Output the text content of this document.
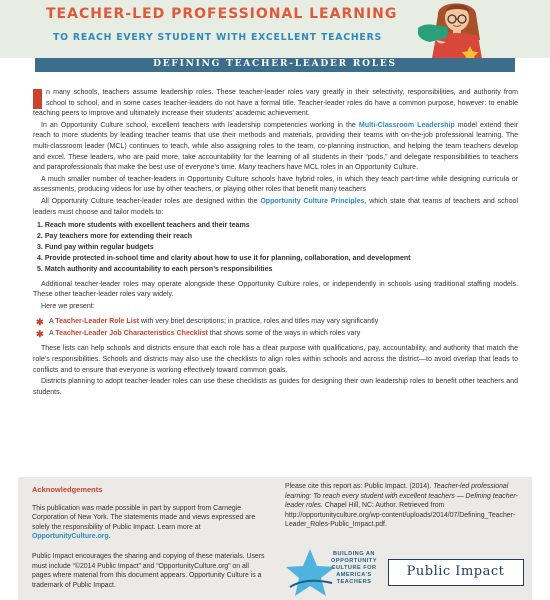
TEACHER-LED PROFESSIONAL LEARNING
TO REACH EVERY STUDENT WITH EXCELLENT TEACHERS
DEFINING TEACHER-LEADER ROLES

n many schools, teachers assume leadership roles. These teacher-leader roles vary greatly in their selectivity, responsibilities, and authority from school to school, and in some cases teacher-leaders do not have a formal title. Teacher-leader roles do have a common purpose, however: to enable teaching peers to improve and ultimately increase their students’ academic achievement.

In an Opportunity Culture school, excellent teachers with leadership competencies working in the Multi-Classroom Leadership model extend their reach to more students by leading teacher teams that use their methods and materials, providing their teams with on-the-job professional learning. The multi-classroom leader (MCL) continues to teach, while also assigning roles to the team, co-planning instruction, and helping the team teachers develop and excel. These leaders, who are paid more, take accountability for the learning of all students in their “pods,” and delegate responsibilities to teachers and paraprofessionals that make the best use of everyone’s time. Many teachers have MCL roles in an Opportunity Culture.

A much smaller number of teacher-leaders in Opportunity Culture schools have hybrid roles, in which they teach part-time while designing curricula or assessments, producing videos for use by other teachers, or playing other roles that benefit many teachers

All Opportunity Culture teacher-leader roles are designed within the Opportunity Culture Principles, which state that teams of teachers and school leaders must choose and tailor models to:

1. Reach more students with excellent teachers and their teams
2. Pay teachers more for extending their reach
3. Fund pay within regular budgets
4. Provide protected in-school time and clarity about how to use it for planning, collaboration, and development
5. Match authority and accountability to each person’s responsibilities

Additional teacher-leader roles may operate alongside these Opportunity Culture roles, or independently in schools using traditional staffing models. These other teacher-leader roles vary widely.

Here we present:

✱ A Teacher-Leader Role List with very brief descriptions; in practice, roles and titles may vary significantly
✱ A Teacher-Leader Job Characteristics Checklist that shows some of the ways in which roles vary

These lists can help schools and districts ensure that each role has a clear purpose with qualifications, pay, accountability, and authority that match the role’s responsibilities. Schools and districts may also use the checklists to align roles within schools and across the district—to avoid overlap that leads to conflicts and to ensure that everyone is working effectively toward common goals.

Districts planning to adopt teacher-leader roles can use these checklists as guides for designing their own leadership roles to benefit other teachers and students.

Acknowledgements

This publication was made possible in part by support from Carnegie Corporation of New York. The statements made and views expressed are solely the responsibility of Public Impact. Learn more at OpportunityCulture.org.

Public Impact encourages the sharing and copying of these materials. Users must include “©2014 Public Impact” and “OpportunityCulture.org” on all pages where material from this document appears. Opportunity Culture is a trademark of Public Impact.

Please cite this report as: Public Impact. (2014). Teacher-led professional learning: To reach every student with excellent teachers — Defining teacher-leader roles. Chapel Hill, NC: Author. Retrieved from http://opportunityculture.org/wp-content/uploads/2014/07/Defining_Teacher-Leader_Roles-Public_Impact.pdf.
BUILDING AN OPPORTUNITY CULTURE FOR AMERICA’S TEACHERS
Public Impact
